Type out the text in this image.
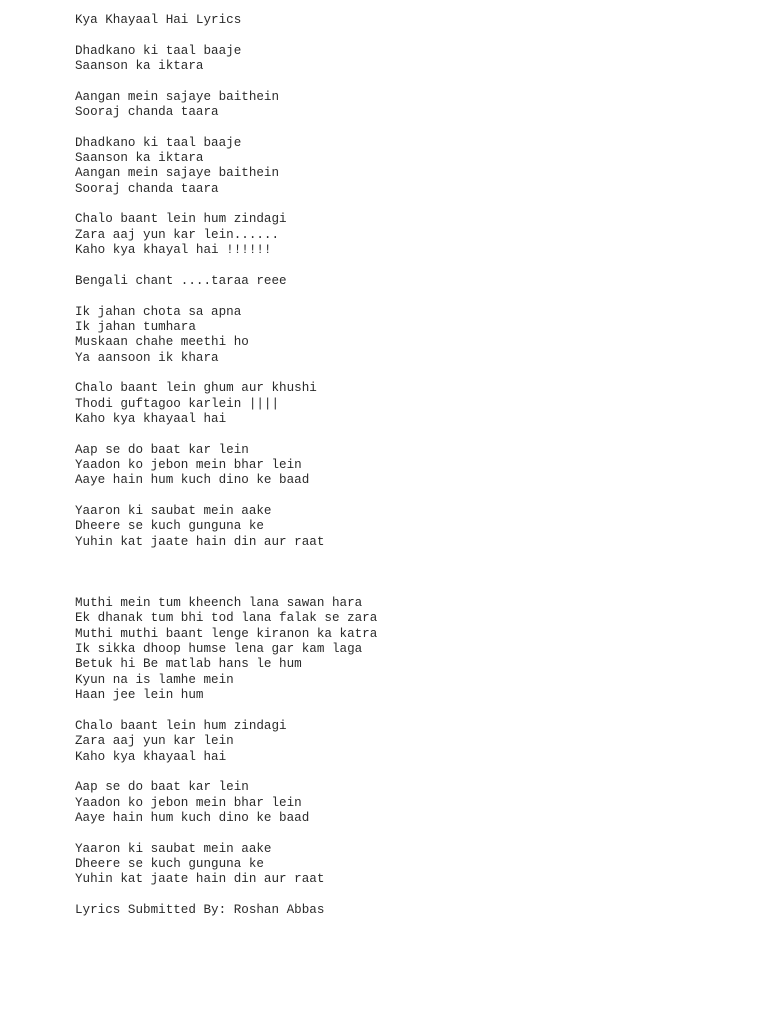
Kya Khayaal Hai Lyrics
Dhadkano ki taal baaje
Saanson ka iktara
Aangan mein sajaye baithein
Sooraj chanda taara
Dhadkano ki taal baaje
Saanson ka iktara
Aangan mein sajaye baithein
Sooraj chanda taara
Chalo baant lein hum zindagi
Zara aaj yun kar lein......
Kaho kya khayal hai !!!!!!
Bengali chant ....taraa reee
Ik jahan chota sa apna
Ik jahan tumhara
Muskaan chahe meethi ho
Ya aansoon ik khara
Chalo baant lein ghum aur khushi
Thodi guftagoo karlein ||||
Kaho kya khayaal hai
Aap se do baat kar lein
Yaadon ko jebon mein bhar lein
Aaye hain hum kuch dino ke baad
Yaaron ki saubat mein aake
Dheere se kuch gunguna ke
Yuhin kat jaate hain din aur raat
Muthi mein tum kheench lana sawan hara
Ek dhanak tum bhi tod lana falak se zara
Muthi muthi baant lenge kiranon ka katra
Ik sikka dhoop humse lena gar kam laga
Betuk hi Be matlab hans le hum
Kyun na is lamhe mein
Haan jee lein hum
Chalo baant lein hum zindagi
Zara aaj yun kar lein
Kaho kya khayaal hai
Aap se do baat kar lein
Yaadon ko jebon mein bhar lein
Aaye hain hum kuch dino ke baad
Yaaron ki saubat mein aake
Dheere se kuch gunguna ke
Yuhin kat jaate hain din aur raat
Lyrics Submitted By: Roshan Abbas
